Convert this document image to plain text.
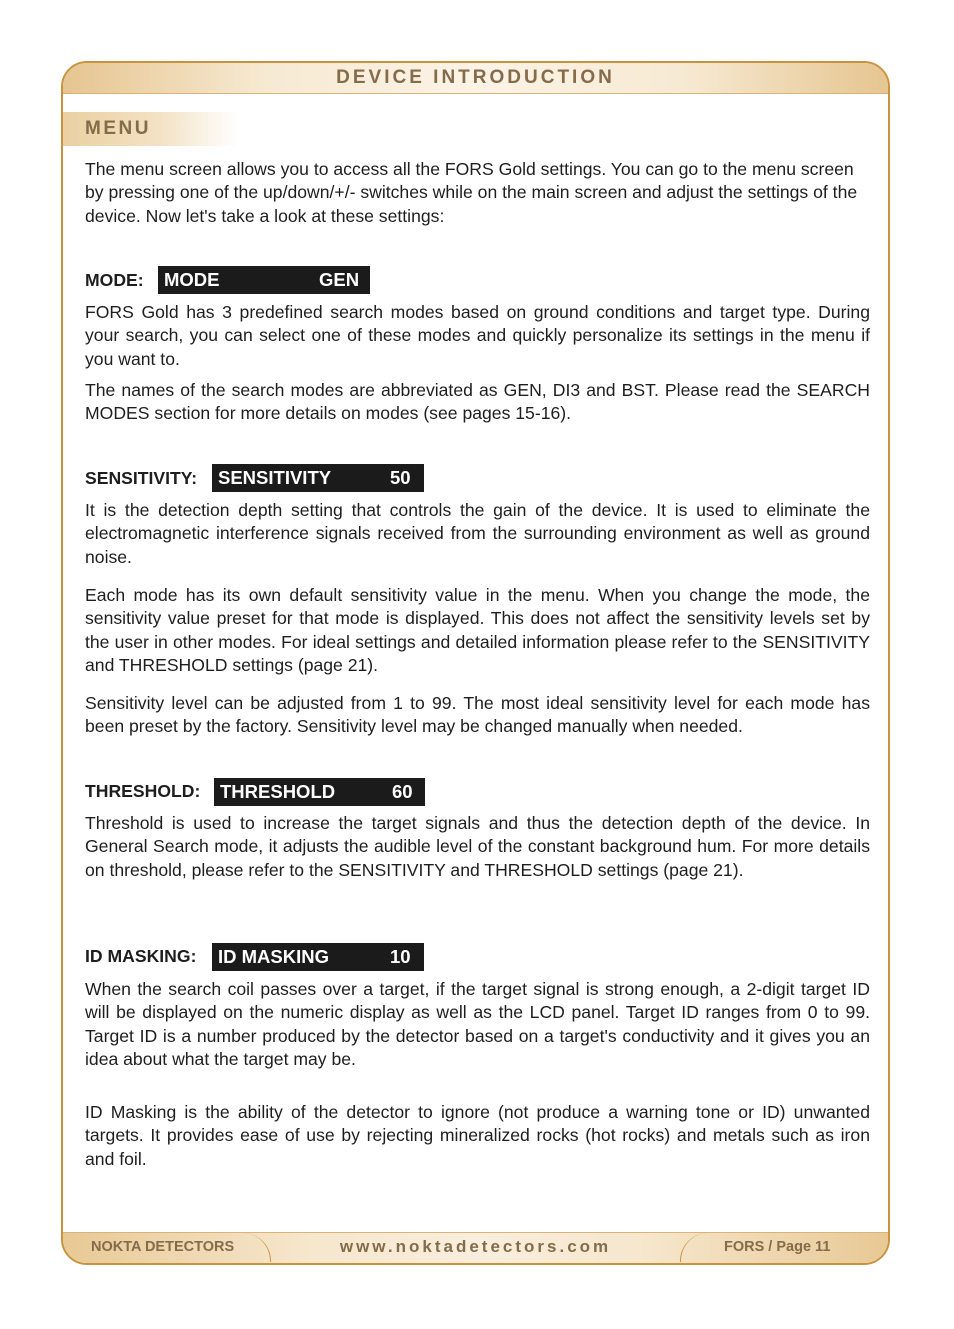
DEVICE INTRODUCTION
MENU

The menu screen allows you to access all the FORS Gold settings. You can go to the menu screen by pressing one of the up/down/+/- switches while on the main screen and adjust the settings of the device. Now let's take a look at these settings:

MODE: MODE	GEN

FORS Gold has 3 predefined search modes based on ground conditions and target type. During your search, you can select one of these modes and quickly personalize its settings in the menu if you want to.

The names of the search modes are abbreviated as GEN, DI3 and BST. Please read the SEARCH MODES section for more details on modes (see pages 15-16).

SENSITIVITY: SENSITIVITY	50

It is the detection depth setting that controls the gain of the device. It is used to eliminate the electromagnetic interference signals received from the surrounding environment as well as ground noise.

Each mode has its own default sensitivity value in the menu. When you change the mode, the sensitivity value preset for that mode is displayed. This does not affect the sensitivity levels set by the user in other modes. For ideal settings and detailed information please refer to the SENSITIVITY and THRESHOLD settings (page 21).

Sensitivity level can be adjusted from 1 to 99. The most ideal sensitivity level for each mode has been preset by the factory. Sensitivity level may be changed manually when needed.

THRESHOLD: THRESHOLD	60

Threshold is used to increase the target signals and thus the detection depth of the device. In General Search mode, it adjusts the audible level of the constant background hum. For more details on threshold, please refer to the SENSITIVITY and THRESHOLD settings (page 21).

ID MASKING: ID MASKING	10

When the search coil passes over a target, if the target signal is strong enough, a 2-digit target ID will be displayed on the numeric display as well as the LCD panel. Target ID ranges from 0 to 99. Target ID is a number produced by the detector based on a target's conductivity and it gives you an idea about what the target may be.

ID Masking is the ability of the detector to ignore (not produce a warning tone or ID) unwanted targets. It provides ease of use by rejecting mineralized rocks (hot rocks) and metals such as iron and foil.

NOKTA DETECTORS	www.noktadetectors.com	FORS / Page 11
